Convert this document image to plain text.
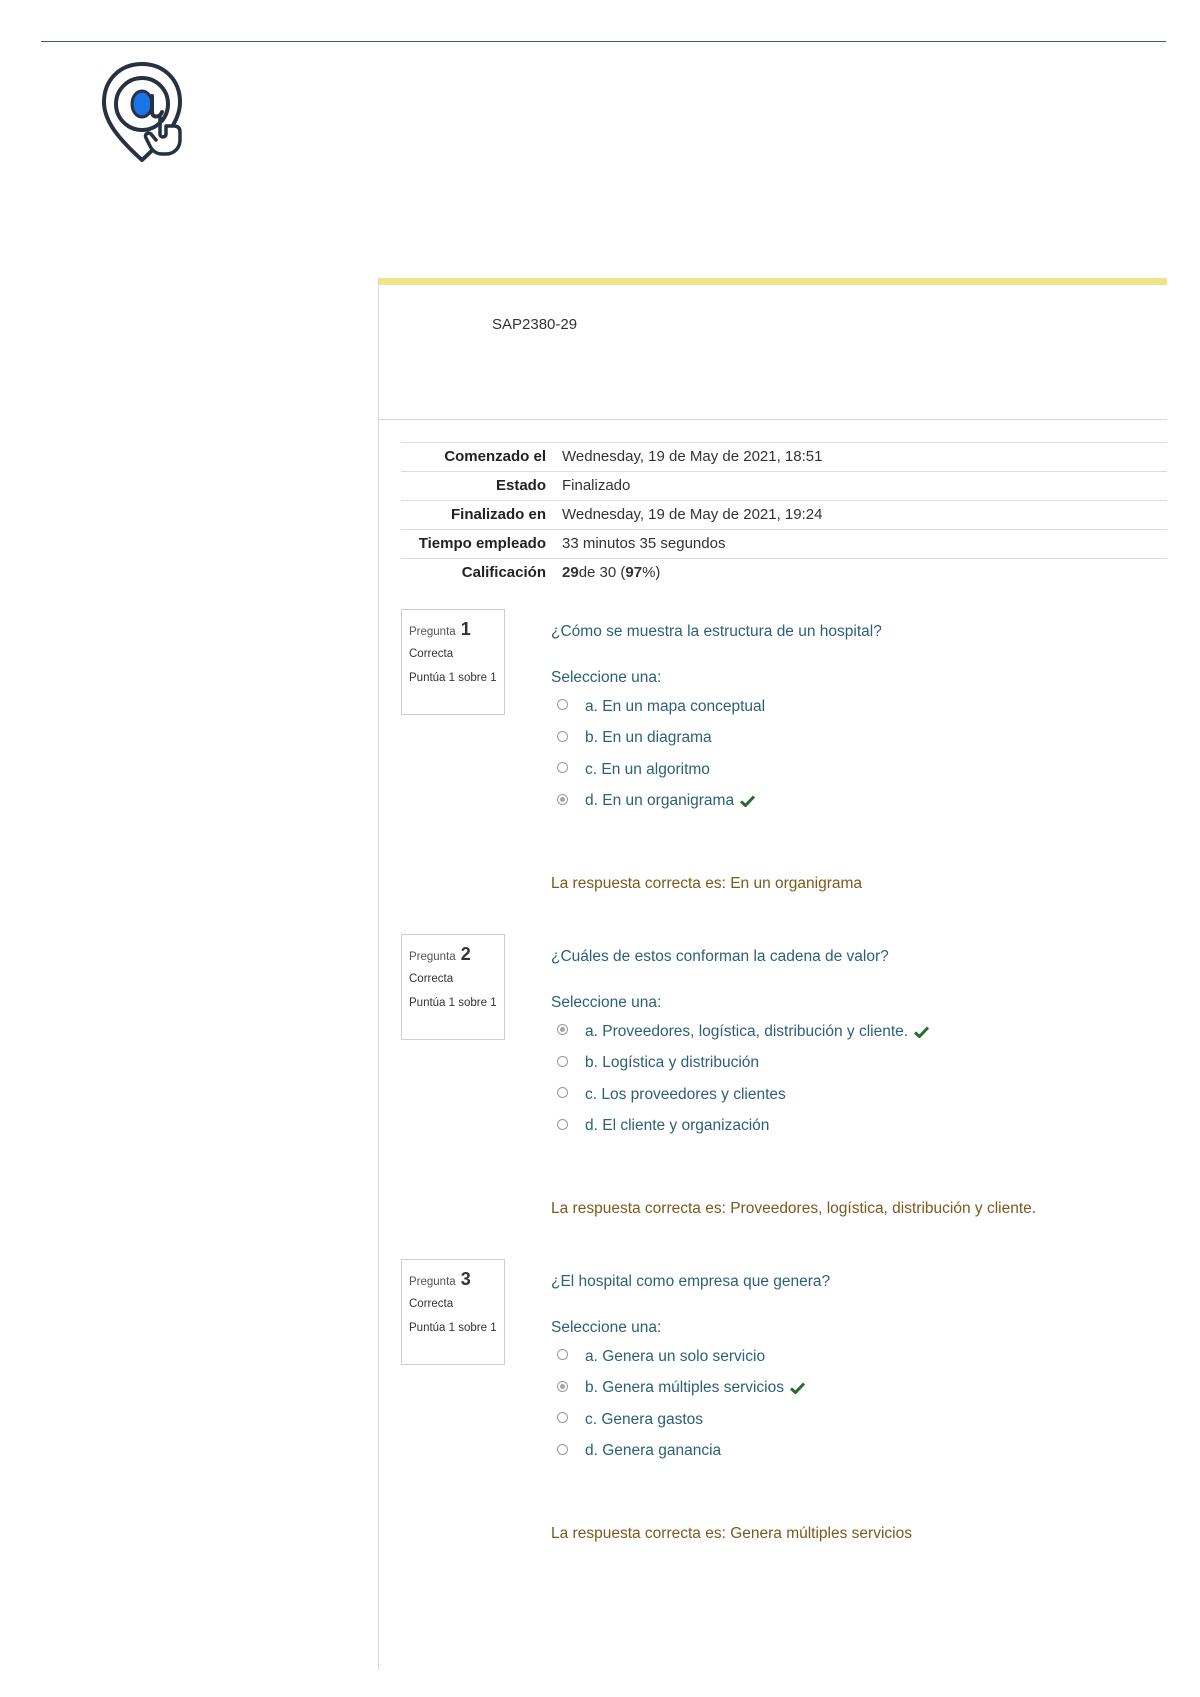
SAP2380-29
Comenzado el	Wednesday, 19 de May de 2021, 18:51
Estado	Finalizado
Finalizado en	Wednesday, 19 de May de 2021, 19:24
Tiempo empleado	33 minutos 35 segundos
Calificación	29de 30 (97%)
Pregunta 1
Correcta
Puntúa 1 sobre 1
¿Cómo se muestra la estructura de un hospital?
Seleccione una:
a. En un mapa conceptual
b. En un diagrama
c. En un algoritmo
d. En un organigrama
La respuesta correcta es: En un organigrama
Pregunta 2
Correcta
Puntúa 1 sobre 1
¿Cuáles de estos conforman la cadena de valor?
Seleccione una:
a. Proveedores, logística, distribución y cliente.
b. Logística y distribución
c. Los proveedores y clientes
d. El cliente y organización
La respuesta correcta es: Proveedores, logística, distribución y cliente.
Pregunta 3
Correcta
Puntúa 1 sobre 1
¿El hospital como empresa que genera?
Seleccione una:
a. Genera un solo servicio
b. Genera múltiples servicios
c. Genera gastos
d. Genera ganancia
La respuesta correcta es: Genera múltiples servicios
